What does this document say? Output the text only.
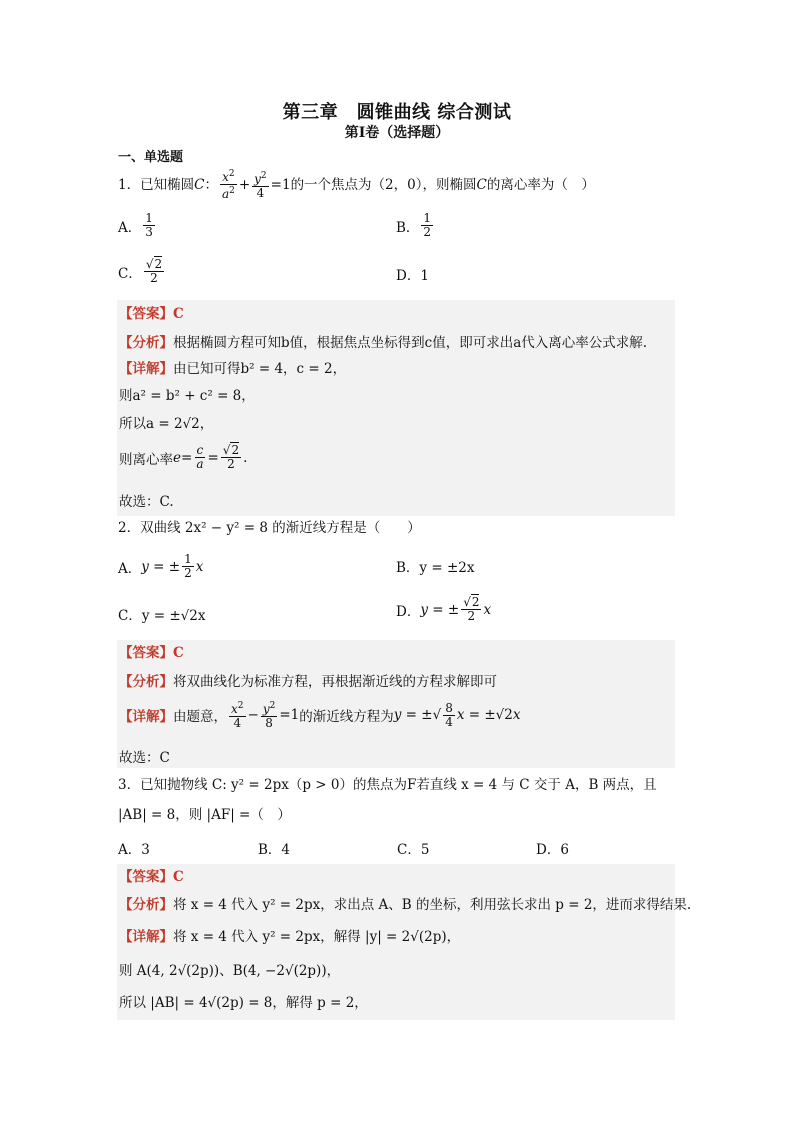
第三章　圆锥曲线 综合测试
第Ⅰ卷（选择题）
一、单选题
1．已知椭圆 C ： $\frac{x^2}{a^2} + \frac{y^2}{4} =1$ 的一个焦点为（2，0），则椭圆 C 的离心率为（　）
A． $\frac{1}{3}$	B． $\frac{1}{2}$
C． $\frac{√2}{2}$	D．1
【答案】C
【分析】 根据椭圆方程可知b值，根据焦点坐标得到c值，即可求出a代入离心率公式求解.
【详解】 由已知可得b² = 4，c = 2，
则a² = b² + c² = 8，
所以a = 2√2，
则离心率 $e = \frac{c}{a} = \frac{√2}{2}$ .
故选：C.
2．双曲线 2x² − y² = 8 的渐近线方程是（　　）
A． y = ± $\frac{1}{2}$ x	B．y = ±2x
C．y = ±√2x	D． y = ± $\frac{√2}{2}$ x
【答案】C
【分析】 将双曲线化为标准方程，再根据渐近线的方程求解即可
【详解】 由题意， $\frac{x^2}{4} - \frac{y^2}{8} =1$ 的渐近线方程为 y = ±√ $\frac{8}{4}$ x = ±√2 x
故选：C
3．已知抛物线 C: y² = 2px（p > 0）的焦点为F若直线 x = 4 与 C 交于 A，B 两点，且
|AB| = 8，则 |AF| =（　）
A．3	B．4	C．5	D．6
【答案】C
【分析】 将 x = 4 代入 y² = 2px，求出点 A、B 的坐标，利用弦长求出 p = 2，进而求得结果.
【详解】 将 x = 4 代入 y² = 2px，解得 |y| = 2√(2p)，
则 A(4, 2√(2p))、B(4, −2√(2p))，
所以 |AB| = 4√(2p) = 8，解得 p = 2，
